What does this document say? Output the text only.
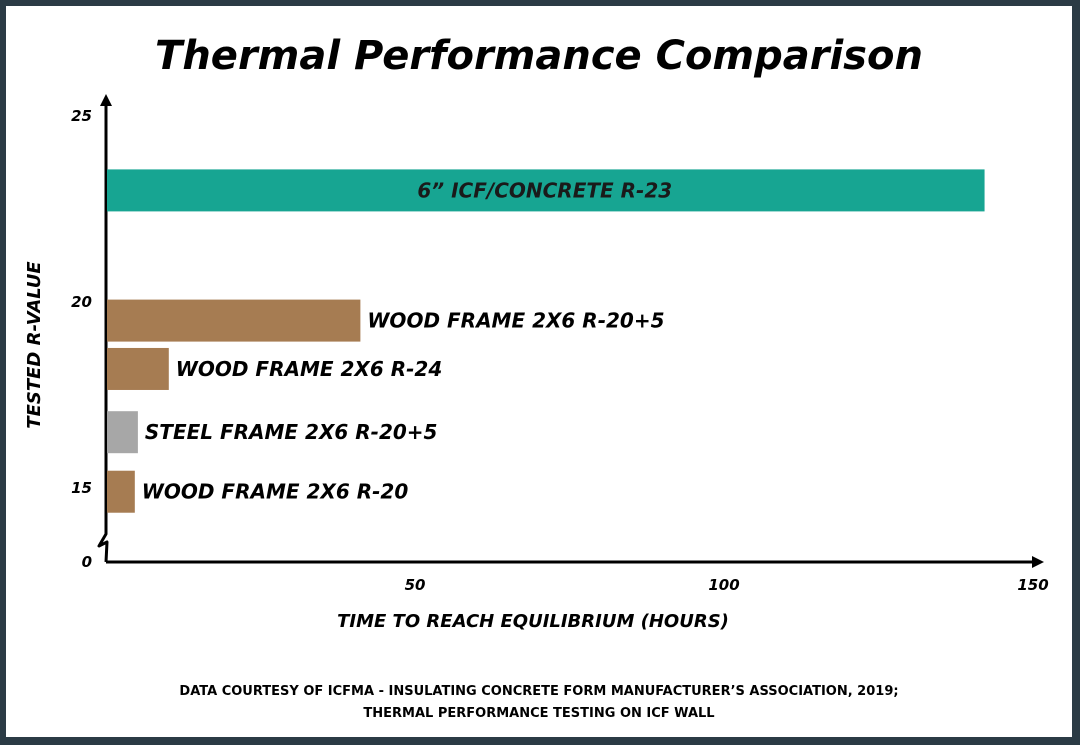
Thermal Performance Comparison
50	100	150
0
15
20
25
6” ICF/CONCRETE R-23
WOOD FRAME 2X6 R-20+5
WOOD FRAME 2X6 R-24
STEEL FRAME 2X6 R-20+5
WOOD FRAME 2X6 R-20
TIME TO REACH EQUILIBRIUM (HOURS)
TESTED R-VALUE
DATA COURTESY OF ICFMA - INSULATING CONCRETE FORM MANUFACTURER’S ASSOCIATION, 2019;
THERMAL PERFORMANCE TESTING ON ICF WALL
